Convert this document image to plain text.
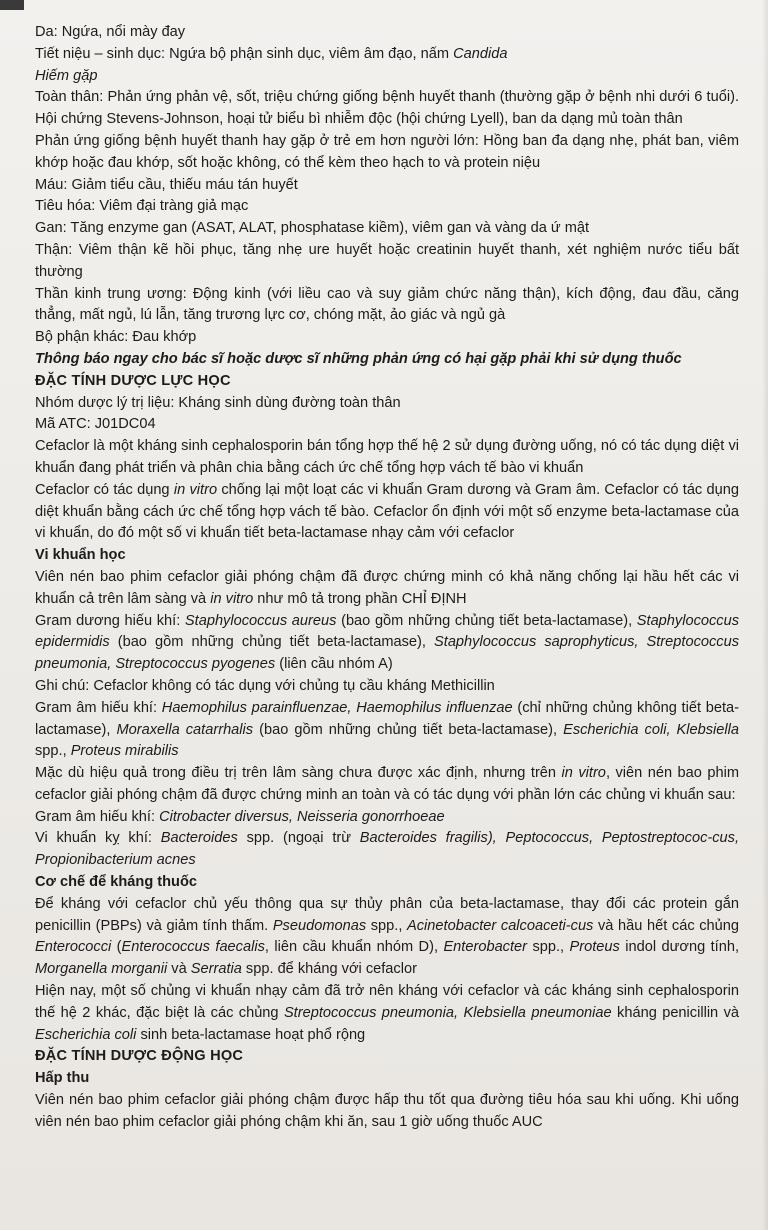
Da: Ngứa, nổi mày đay

Tiết niệu – sinh dục: Ngứa bộ phận sinh dục, viêm âm đạo, nấm Candida

Hiếm gặp

Toàn thân: Phản ứng phản vệ, sốt, triệu chứng giống bệnh huyết thanh (thường gặp ở bệnh nhi dưới 6 tuổi). Hội chứng Stevens-Johnson, hoại tử biểu bì nhiễm độc (hội chứng Lyell), ban da dạng mủ toàn thân

Phản ứng giống bệnh huyết thanh hay gặp ở trẻ em hơn người lớn: Hồng ban đa dạng nhẹ, phát ban, viêm khớp hoặc đau khớp, sốt hoặc không, có thể kèm theo hạch to và protein niệu

Máu: Giảm tiểu cầu, thiếu máu tán huyết

Tiêu hóa: Viêm đại tràng giả mạc

Gan: Tăng enzyme gan (ASAT, ALAT, phosphatase kiềm), viêm gan và vàng da ứ mật

Thận: Viêm thận kẽ hồi phục, tăng nhẹ ure huyết hoặc creatinin huyết thanh, xét nghiệm nước tiểu bất thường

Thần kinh trung ương: Động kinh (với liều cao và suy giảm chức năng thận), kích động, đau đầu, căng thẳng, mất ngủ, lú lẫn, tăng trương lực cơ, chóng mặt, ảo giác và ngủ gà

Bộ phận khác: Đau khớp

Thông báo ngay cho bác sĩ hoặc dược sĩ những phản ứng có hại gặp phải khi sử dụng thuốc

ĐẶC TÍNH DƯỢC LỰC HỌC

Nhóm dược lý trị liệu: Kháng sinh dùng đường toàn thân

Mã ATC: J01DC04

Cefaclor là một kháng sinh cephalosporin bán tổng hợp thế hệ 2 sử dụng đường uống, nó có tác dụng diệt vi khuẩn đang phát triển và phân chia bằng cách ức chế tổng hợp vách tế bào vi khuẩn

Cefaclor có tác dụng in vitro chống lại một loạt các vi khuẩn Gram dương và Gram âm. Cefaclor có tác dụng diệt khuẩn bằng cách ức chế tổng hợp vách tế bào. Cefaclor ổn định với một số enzyme beta-lactamase của vi khuẩn, do đó một số vi khuẩn tiết beta-lactamase nhạy cảm với cefaclor

Vi khuẩn học

Viên nén bao phim cefaclor giải phóng chậm đã được chứng minh có khả năng chống lại hầu hết các vi khuẩn cả trên lâm sàng và in vitro như mô tả trong phần CHỈ ĐỊNH

Gram dương hiếu khí: Staphylococcus aureus (bao gồm những chủng tiết beta-lactamase), Staphylococcus epidermidis (bao gồm những chủng tiết beta-lactamase), Staphylococcus saprophyticus, Streptococcus pneumonia, Streptococcus pyogenes (liên cầu nhóm A)

Ghi chú: Cefaclor không có tác dụng với chủng tụ cầu kháng Methicillin

Gram âm hiếu khí: Haemophilus parainfluenzae, Haemophilus influenzae (chỉ những chủng không tiết beta-lactamase), Moraxella catarrhalis (bao gồm những chủng tiết beta-lactamase), Escherichia coli, Klebsiella spp., Proteus mirabilis

Mặc dù hiệu quả trong điều trị trên lâm sàng chưa được xác định, nhưng trên in vitro, viên nén bao phim cefaclor giải phóng chậm đã được chứng minh an toàn và có tác dụng với phần lớn các chủng vi khuẩn sau:

Gram âm hiếu khí: Citrobacter diversus, Neisseria gonorrhoeae

Vi khuẩn kỵ khí: Bacteroides spp. (ngoại trừ Bacteroides fragilis), Peptococcus, Peptostreptococ-cus, Propionibacterium acnes

Cơ chế để kháng thuốc

Để kháng với cefaclor chủ yếu thông qua sự thủy phân của beta-lactamase, thay đổi các protein gắn penicillin (PBPs) và giảm tính thấm. Pseudomonas spp., Acinetobacter calcoaceti-cus và hầu hết các chủng Enterococci (Enterococcus faecalis, liên cầu khuẩn nhóm D), Enterobacter spp., Proteus indol dương tính, Morganella morganii và Serratia spp. để kháng với cefaclor

Hiện nay, một số chủng vi khuẩn nhạy cảm đã trở nên kháng với cefaclor và các kháng sinh cephalosporin thế hệ 2 khác, đặc biệt là các chủng Streptococcus pneumonia, Klebsiella pneumoniae kháng penicillin và Escherichia coli sinh beta-lactamase hoạt phổ rộng

ĐẶC TÍNH DƯỢC ĐỘNG HỌC

Hấp thu

Viên nén bao phim cefaclor giải phóng chậm được hấp thu tốt qua đường tiêu hóa sau khi uống. Khi uống viên nén bao phim cefaclor giải phóng chậm khi ăn, sau 1 giờ uống thuốc AUC
